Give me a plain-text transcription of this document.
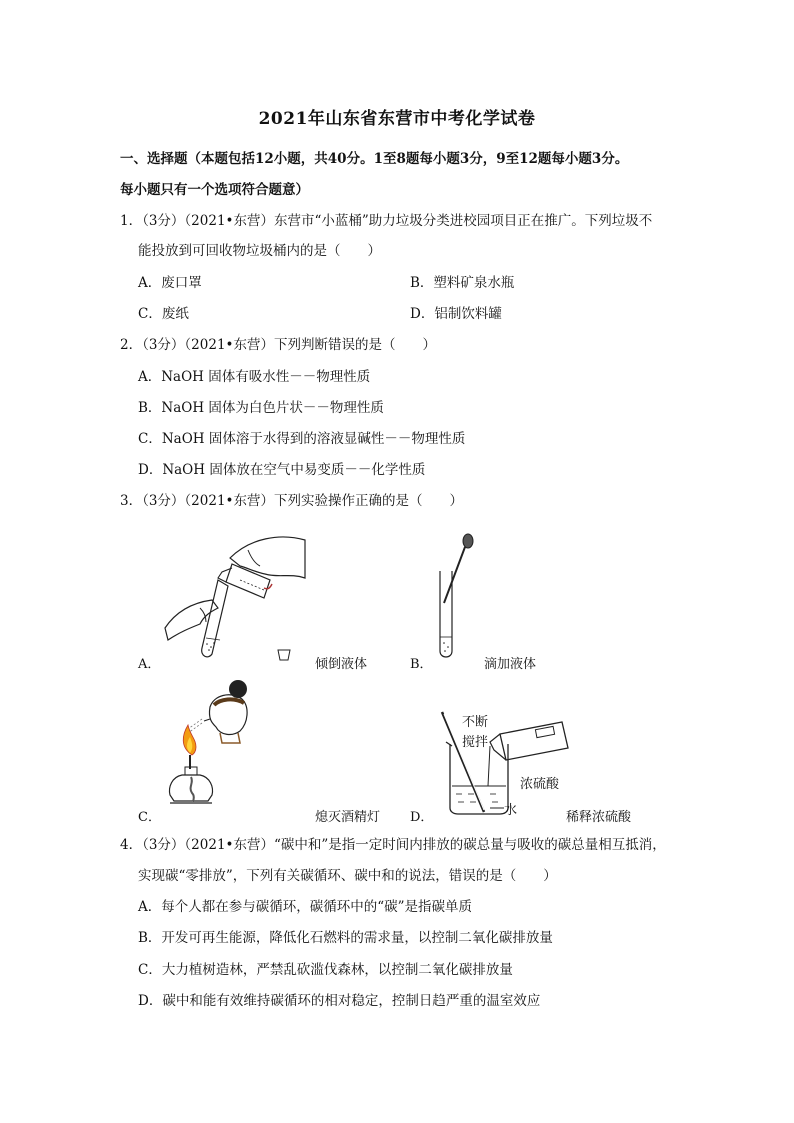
2021年山东省东营市中考化学试卷
一、选择题（本题包括12小题，共40分。1至8题每小题3分，9至12题每小题3分。
每小题只有一个选项符合题意）
1．（3分）（2021•东营）东营市“小蓝桶”助力垃圾分类进校园项目正在推广。下列垃圾不
能投放到可回收物垃圾桶内的是（　　）
A．废口罩	B．塑料矿泉水瓶
C．废纸	D．铝制饮料罐
2．（3分）（2021•东营）下列判断错误的是（　　）
A．NaOH 固体有吸水性－－物理性质
B．NaOH 固体为白色片状－－物理性质
C．NaOH 固体溶于水得到的溶液显碱性－－物理性质
D．NaOH 固体放在空气中易变质－－化学性质
3．（3分）（2021•东营）下列实验操作正确的是（　　）
A．	倾倒液体	B．	滴加液体
C．	熄灭酒精灯
不断
搅拌
浓硫酸
水
D．	稀释浓硫酸
4．（3分）（2021•东营）“碳中和”是指一定时间内排放的碳总量与吸收的碳总量相互抵消，
实现碳“零排放”，下列有关碳循环、碳中和的说法，错误的是（　　）
A．每个人都在参与碳循环，碳循环中的“碳”是指碳单质
B．开发可再生能源，降低化石燃料的需求量，以控制二氧化碳排放量
C．大力植树造林，严禁乱砍滥伐森林，以控制二氧化碳排放量
D．碳中和能有效维持碳循环的相对稳定，控制日趋严重的温室效应
